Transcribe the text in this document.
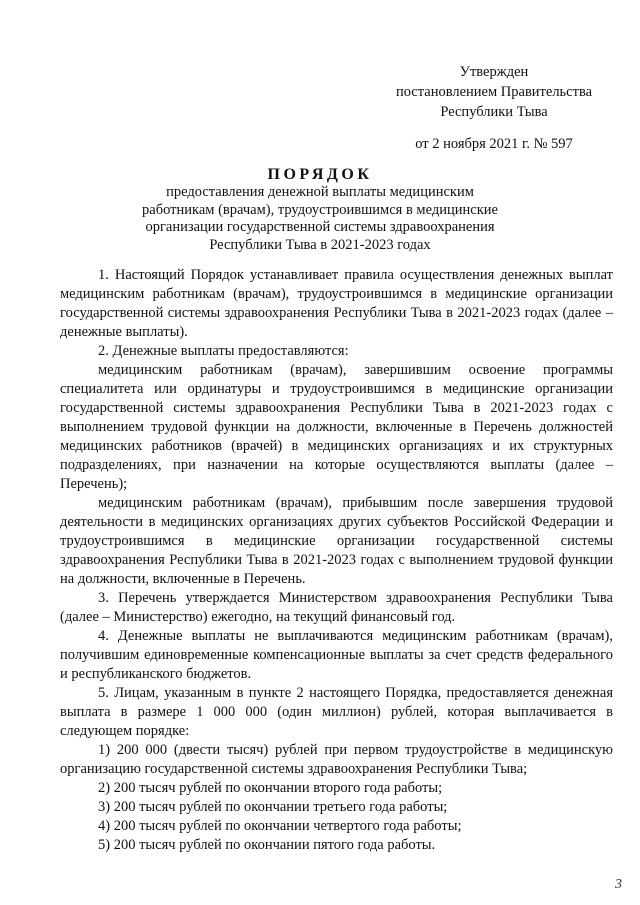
Утвержден
постановлением Правительства
Республики Тыва
от 2 ноября 2021 г. № 597
ПОРЯДОК
предоставления денежной выплаты медицинским
работникам (врачам), трудоустроившимся в медицинские
организации государственной системы здравоохранения
Республики Тыва в 2021-2023 годах

1. Настоящий Порядок устанавливает правила осуществления денежных выплат медицинским работникам (врачам), трудоустроившимся в медицинские организации государственной системы здравоохранения Республики Тыва в 2021-2023 годах (далее – денежные выплаты).

2. Денежные выплаты предоставляются:

медицинским работникам (врачам), завершившим освоение программы специалитета или ординатуры и трудоустроившимся в медицинские организации государственной системы здравоохранения Республики Тыва в 2021-2023 годах с выполнением трудовой функции на должности, включенные в Перечень должностей медицинских работников (врачей) в медицинских организациях и их структурных подразделениях, при назначении на которые осуществляются выплаты (далее – Перечень);

медицинским работникам (врачам), прибывшим после завершения трудовой деятельности в медицинских организациях других субъектов Российской Федерации и трудоустроившимся в медицинские организации государственной системы здравоохранения Республики Тыва в 2021-2023 годах с выполнением трудовой функции на должности, включенные в Перечень.

3. Перечень утверждается Министерством здравоохранения Республики Тыва (далее – Министерство) ежегодно, на текущий финансовый год.

4. Денежные выплаты не выплачиваются медицинским работникам (врачам), получившим единовременные компенсационные выплаты за счет средств федерального и республиканского бюджетов.

5. Лицам, указанным в пункте 2 настоящего Порядка, предоставляется денежная выплата в размере 1 000 000 (один миллион) рублей, которая выплачивается в следующем порядке:

1) 200 000 (двести тысяч) рублей при первом трудоустройстве в медицинскую организацию государственной системы здравоохранения Республики Тыва;

2) 200 тысяч рублей по окончании второго года работы;

3) 200 тысяч рублей по окончании третьего года работы;

4) 200 тысяч рублей по окончании четвертого года работы;

5) 200 тысяч рублей по окончании пятого года работы.

3
